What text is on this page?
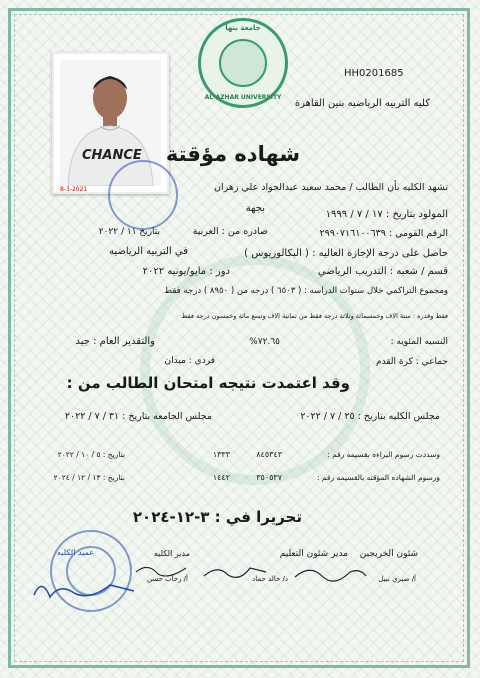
جامعة بنها
AL-AZHAR UNIVERSITY
HH0201685
CHANCE
8-3-2021
كليه التربيه الرياضيه بنين القاهرة
شهاده مؤقتة
تشهد الكليه بأن الطالب / محمد سعيد عبدالجواد علي زهران
بجهة
المولود بتاريخ : ١٧ / ٧ / ١٩٩٩
الرقم القومي : ٢٩٩٠٧١٦١٠٠٦٣٩
صادره من : الغربية
بتاريخ ١١ / ٢٠٢٢
حاصل على درجة الإجازة العاليه : ( البكالوريوس )
في التربيه الرياضيه
قسم / شعبه : التدريب الرياضي
دور : مايو/يونيه ٢٠٢٢
ومجموع التراكمي خلال سنوات الدراسه : ( ٦٥٠٣ ) درجه من ( ٨٩٥٠ ) درجه فقط
فقط وقدره : ستة الاف وخمسمائة وثلاثة درجه فقط من ثمانية الاف وتسع مائة وخمسون درجه فقط
النسبه المئويه :
٧٢.٦٥%
والتقدير العام : جيد
جماعي : كرة القدم
فردي : ميدان
وقد اعتمدت نتيجه امتحان الطالب من :
مجلس الكليه بتاريخ : ٢٥ / ٧ / ٢٠٢٢
مجلس الجامعه بتاريخ : ٣١ / ٧ / ٢٠٢٢
وسددت رسوم البراءه بقسيمه رقم :
٨٤٥٣٤٣
١٣٣٣
بتاريخ : ٥ / ١٠ / ٢٠٢٢
ورسوم الشهاده المؤقته بالقسيمه رقم :
٣٥٠٥٣٧
١٤٤٢
بتاريخ : ١٣ / ١٢ / ٢٠٢٤
تحريرا في : ٣-١٢-٢٠٢٤
شئون الخريجين
مدير شئون التعليم
مدير الكليه
عميد الكليه
أ/ صبري نبيل
د/ خالد حماد
أ/ رحاب حسن
